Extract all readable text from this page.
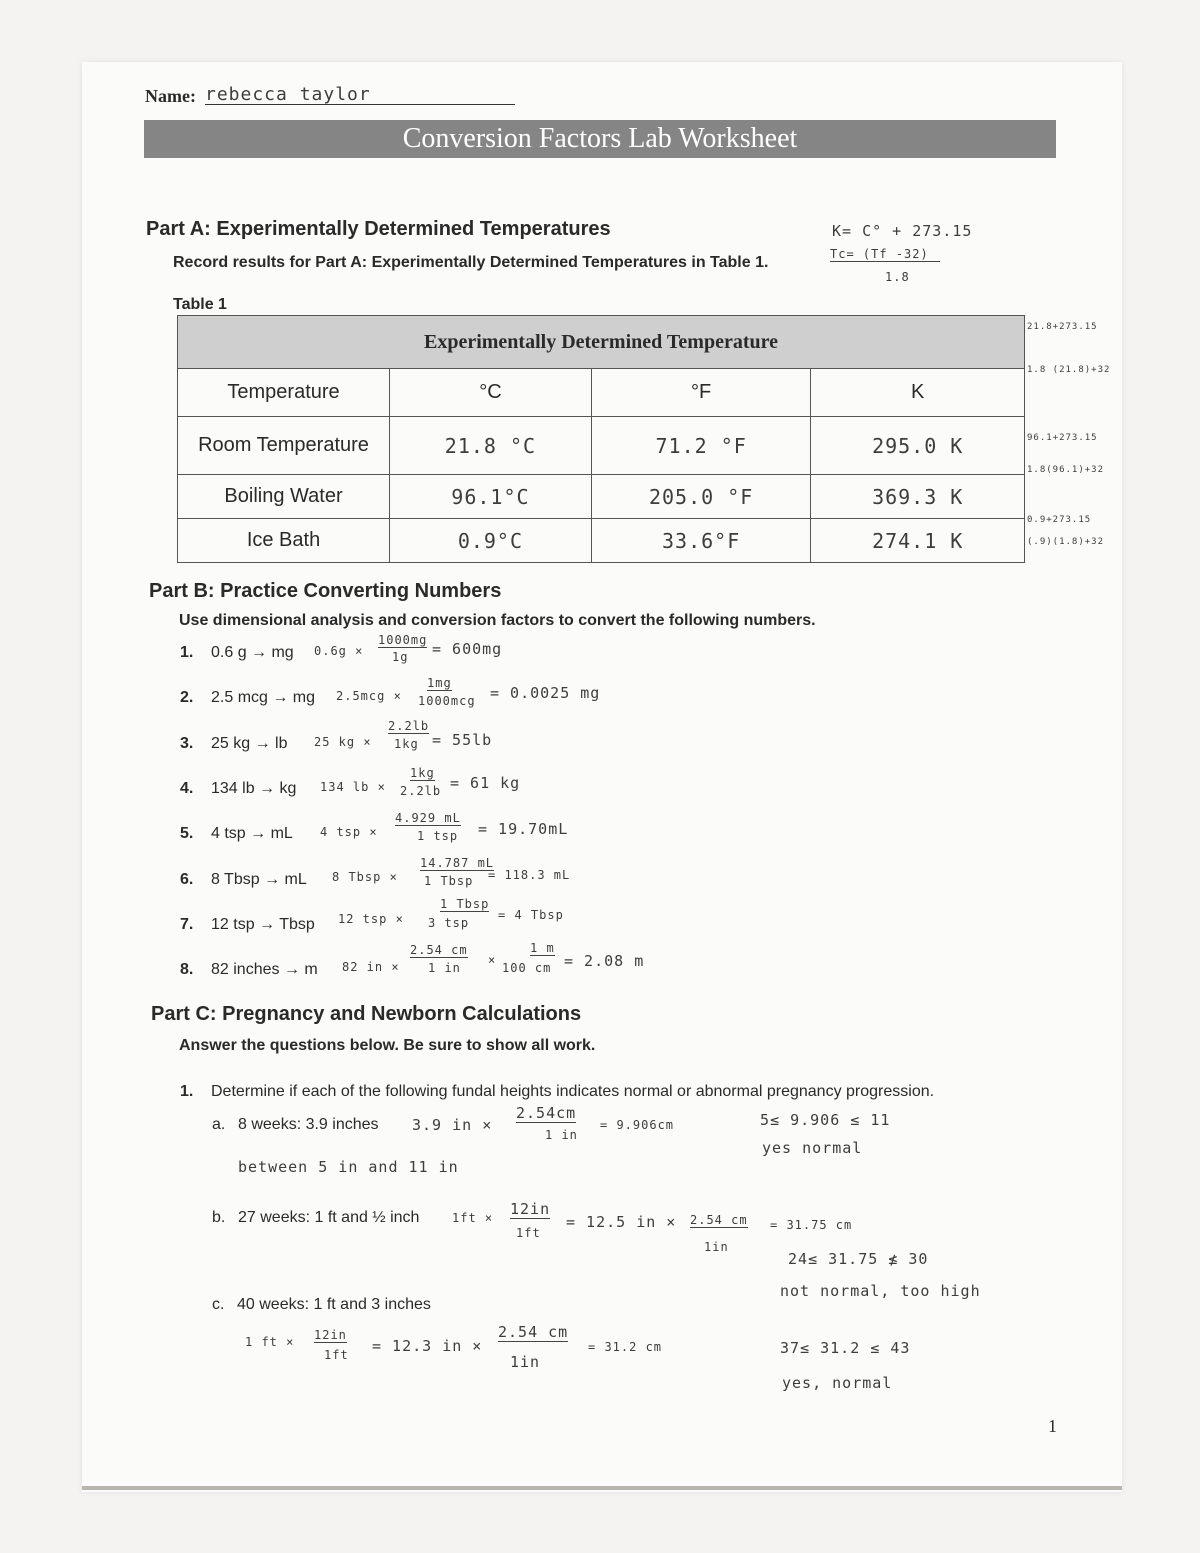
Name: rebecca taylor
Conversion Factors Lab Worksheet
Part A: Experimentally Determined Temperatures
Record results for Part A: Experimentally Determined Temperatures in Table 1.
K= C° + 273.15
Tc= (Tf -32)
1.8
Table 1
Experimentally Determined Temperature			
Temperature	°C	°F	K
Room Temperature	21.8 °C	71.2 °F	295.0 K
Boiling Water	96.1°C	205.0 °F	369.3 K
Ice Bath	0.9°C	33.6°F	274.1 K
21.8+273.15
1.8 (21.8)+32
96.1+273.15
1.8(96.1)+32
0.9+273.15
(.9)(1.8)+32
Part B: Practice Converting Numbers
Use dimensional analysis and conversion factors to convert the following numbers.
1. 0.6 g → mg 0.6g ×
1000mg
1g = 600mg
2. 2.5 mcg → mg 2.5mcg ×
1mg
1000mcg = 0.0025 mg
3. 25 kg → lb 25 kg ×
2.2lb
1kg = 55lb
4. 134 lb → kg 134 lb ×
1kg
2.2lb = 61 kg
5. 4 tsp → mL 4 tsp ×
4.929 mL
1 tsp = 19.70mL
6. 8 Tbsp → mL 8 Tbsp ×
14.787 mL
1 Tbsp = 118.3 mL
7. 12 tsp → Tbsp 12 tsp ×
1 Tbsp
3 tsp
= 4 Tbsp
8. 82 inches → m 82 in ×
2.54 cm
1 in
×
1 m
100 cm = 2.08 m
Part C: Pregnancy and Newborn Calculations
Answer the questions below. Be sure to show all work.
1. Determine if each of the following fundal heights indicates normal or abnormal pregnancy progression.
a. 8 weeks: 3.9 inches 3.9 in ×
2.54cm
1 in
= 9.906cm	5≤ 9.906 ≤ 11
yes normal
between 5 in and 11 in
b. 27 weeks: 1 ft and ½ inch	1ft × 12in
1ft
= 12.5 in × 2.54 cm
1in
= 31.75 cm
24≤ 31.75 ≰ 30
not normal, too high
c. 40 weeks: 1 ft and 3 inches
1 ft × 12in
1ft = 12.3 in ×
2.54 cm
1in
= 31.2 cm	37≤ 31.2 ≤ 43
yes, normal
1
